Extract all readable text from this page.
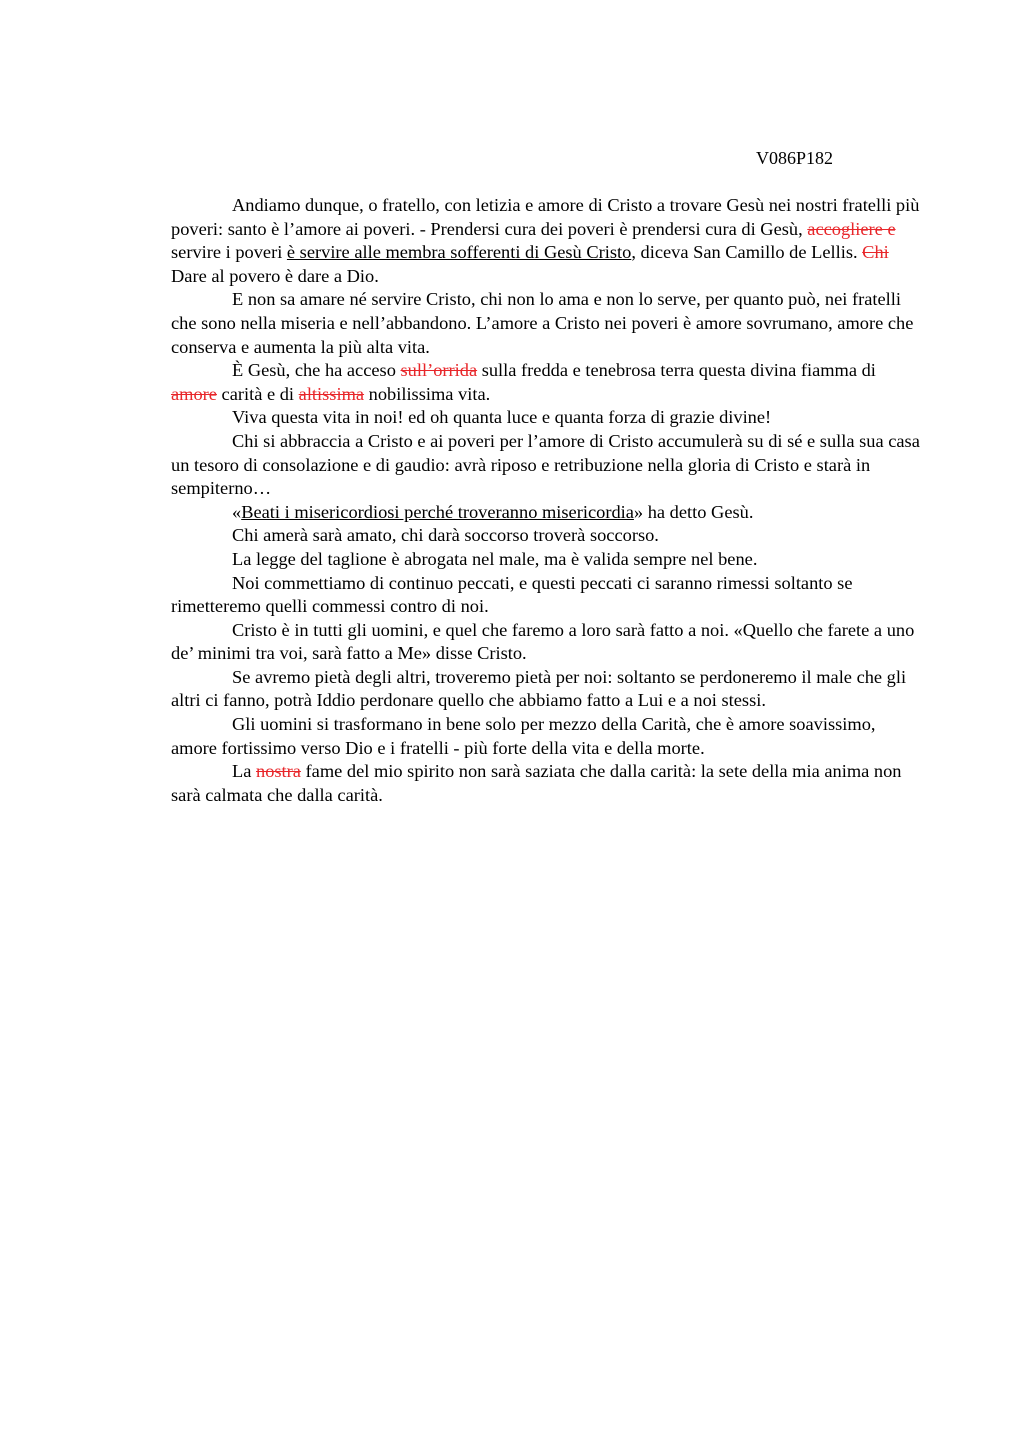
V086P182

Andiamo dunque, o fratello, con letizia e amore di Cristo a trovare Gesù nei nostri fratelli più poveri: santo è l’amore ai poveri. - Prendersi cura dei poveri è prendersi cura di Gesù, accogliere e servire i poveri è servire alle membra sofferenti di Gesù Cristo, diceva San Camillo de Lellis. Chi Dare al povero è dare a Dio.

E non sa amare né servire Cristo, chi non lo ama e non lo serve, per quanto può, nei fratelli che sono nella miseria e nell’abbandono. L’amore a Cristo nei poveri è amore sovrumano, amore che conserva e aumenta la più alta vita.

È Gesù, che ha acceso sull’orrida sulla fredda e tenebrosa terra questa divina fiamma di amore carità e di altissima nobilissima vita.

Viva questa vita in noi! ed oh quanta luce e quanta forza di grazie divine!

Chi si abbraccia a Cristo e ai poveri per l’amore di Cristo accumulerà su di sé e sulla sua casa un tesoro di consolazione e di gaudio: avrà riposo e retribuzione nella gloria di Cristo e starà in sempiterno…

«Beati i misericordiosi perché troveranno misericordia» ha detto Gesù.

Chi amerà sarà amato, chi darà soccorso troverà soccorso.

La legge del taglione è abrogata nel male, ma è valida sempre nel bene.

Noi commettiamo di continuo peccati, e questi peccati ci saranno rimessi soltanto se rimetteremo quelli commessi contro di noi.

Cristo è in tutti gli uomini, e quel che faremo a loro sarà fatto a noi. «Quello che farete a uno de’ minimi tra voi, sarà fatto a Me» disse Cristo.

Se avremo pietà degli altri, troveremo pietà per noi: soltanto se perdoneremo il male che gli altri ci fanno, potrà Iddio perdonare quello che abbiamo fatto a Lui e a noi stessi.

Gli uomini si trasformano in bene solo per mezzo della Carità, che è amore soavissimo, amore fortissimo verso Dio e i fratelli - più forte della vita e della morte.

La nostra fame del mio spirito non sarà saziata che dalla carità: la sete della mia anima non sarà calmata che dalla carità.
